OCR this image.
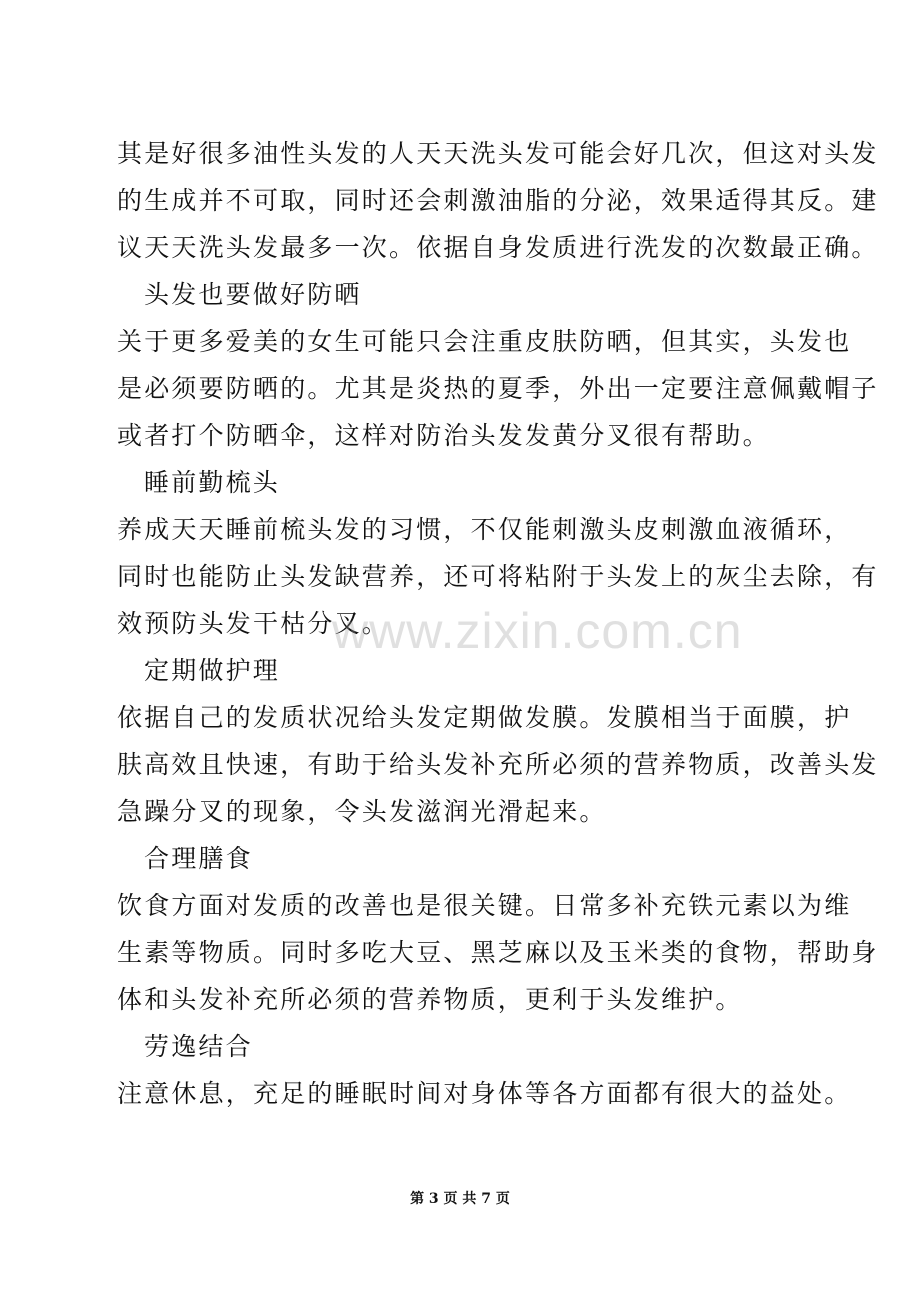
其是好很多油性头发的人天天洗头发可能会好几次，但这对头发
的生成并不可取，同时还会刺激油脂的分泌，效果适得其反。建
议天天洗头发最多一次。依据自身发质进行洗发的次数最正确。
头发也要做好防晒
关于更多爱美的女生可能只会注重皮肤防晒，但其实，头发也
是必须要防晒的。尤其是炎热的夏季，外出一定要注意佩戴帽子
或者打个防晒伞，这样对防治头发发黄分叉很有帮助。
睡前勤梳头
养成天天睡前梳头发的习惯，不仅能刺激头皮刺激血液循环，
同时也能防止头发缺营养，还可将粘附于头发上的灰尘去除，有
效预防头发干枯分叉。
定期做护理
依据自己的发质状况给头发定期做发膜。发膜相当于面膜，护
肤高效且快速，有助于给头发补充所必须的营养物质，改善头发
急躁分叉的现象，令头发滋润光滑起来。
合理膳食
饮食方面对发质的改善也是很关键。日常多补充铁元素以为维
生素等物质。同时多吃大豆、黑芝麻以及玉米类的食物，帮助身
体和头发补充所必须的营养物质，更利于头发维护。
劳逸结合
注意休息，充足的睡眠时间对身体等各方面都有很大的益处。
www.zixin.com.cn
第 3 页 共 7 页
